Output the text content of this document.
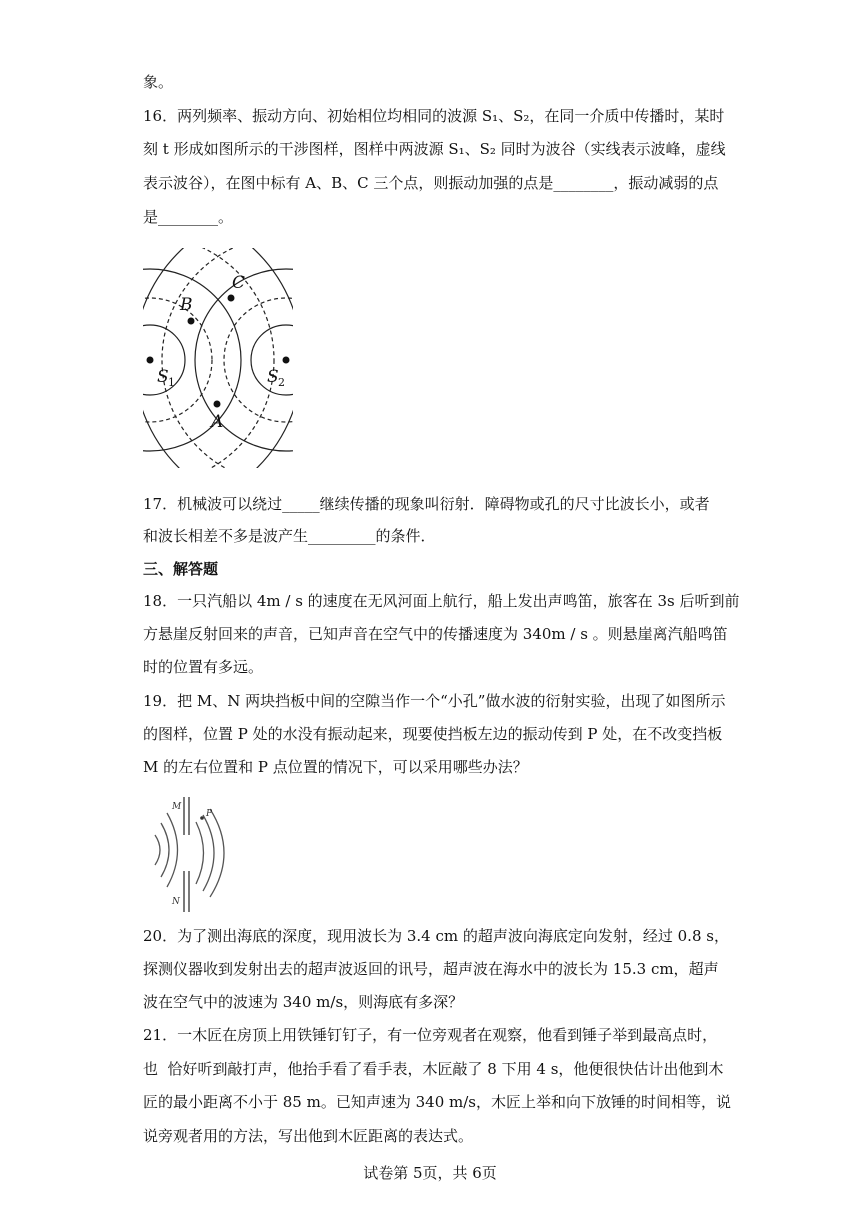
象。
16．两列频率、振动方向、初始相位均相同的波源 S₁、S₂，在同一介质中传播时，某时
刻 t 形成如图所示的干涉图样，图样中两波源 S₁、S₂ 同时为波谷（实线表示波峰，虚线
表示波谷），在图中标有 A、B、C 三个点，则振动加强的点是________，振动减弱的点
是________。
A
B
C
S	S
1	2
17．机械波可以绕过_____继续传播的现象叫衍射．障碍物或孔的尺寸比波长小，或者
和波长相差不多是波产生_________的条件．
三、解答题
18．一只汽船以 4m / s 的速度在无风河面上航行，船上发出声鸣笛，旅客在 3s 后听到前
方悬崖反射回来的声音，已知声音在空气中的传播速度为 340m / s 。则悬崖离汽船鸣笛
时的位置有多远。
19．把 M、N 两块挡板中间的空隙当作一个“小孔”做水波的衍射实验，出现了如图所示
的图样，位置 P 处的水没有振动起来，现要使挡板左边的振动传到 P 处，在不改变挡板
M 的左右位置和 P 点位置的情况下，可以采用哪些办法？
M
N
P
20．为了测出海底的深度，现用波长为 3.4 cm 的超声波向海底定向发射，经过 0.8 s，
探测仪器收到发射出去的超声波返回的讯号，超声波在海水中的波长为 15.3 cm，超声
波在空气中的波速为 340 m/s，则海底有多深？
21．一木匠在房顶上用铁锤钉钉子，有一位旁观者在观察，他看到锤子举到最高点时，
也  恰好听到敲打声，他抬手看了看手表，木匠敲了 8 下用 4 s，他便很快估计出他到木
匠的最小距离不小于 85 m。已知声速为 340 m/s，木匠上举和向下放锤的时间相等，说
说旁观者用的方法，写出他到木匠距离的表达式。
试卷第 5页，共 6页
